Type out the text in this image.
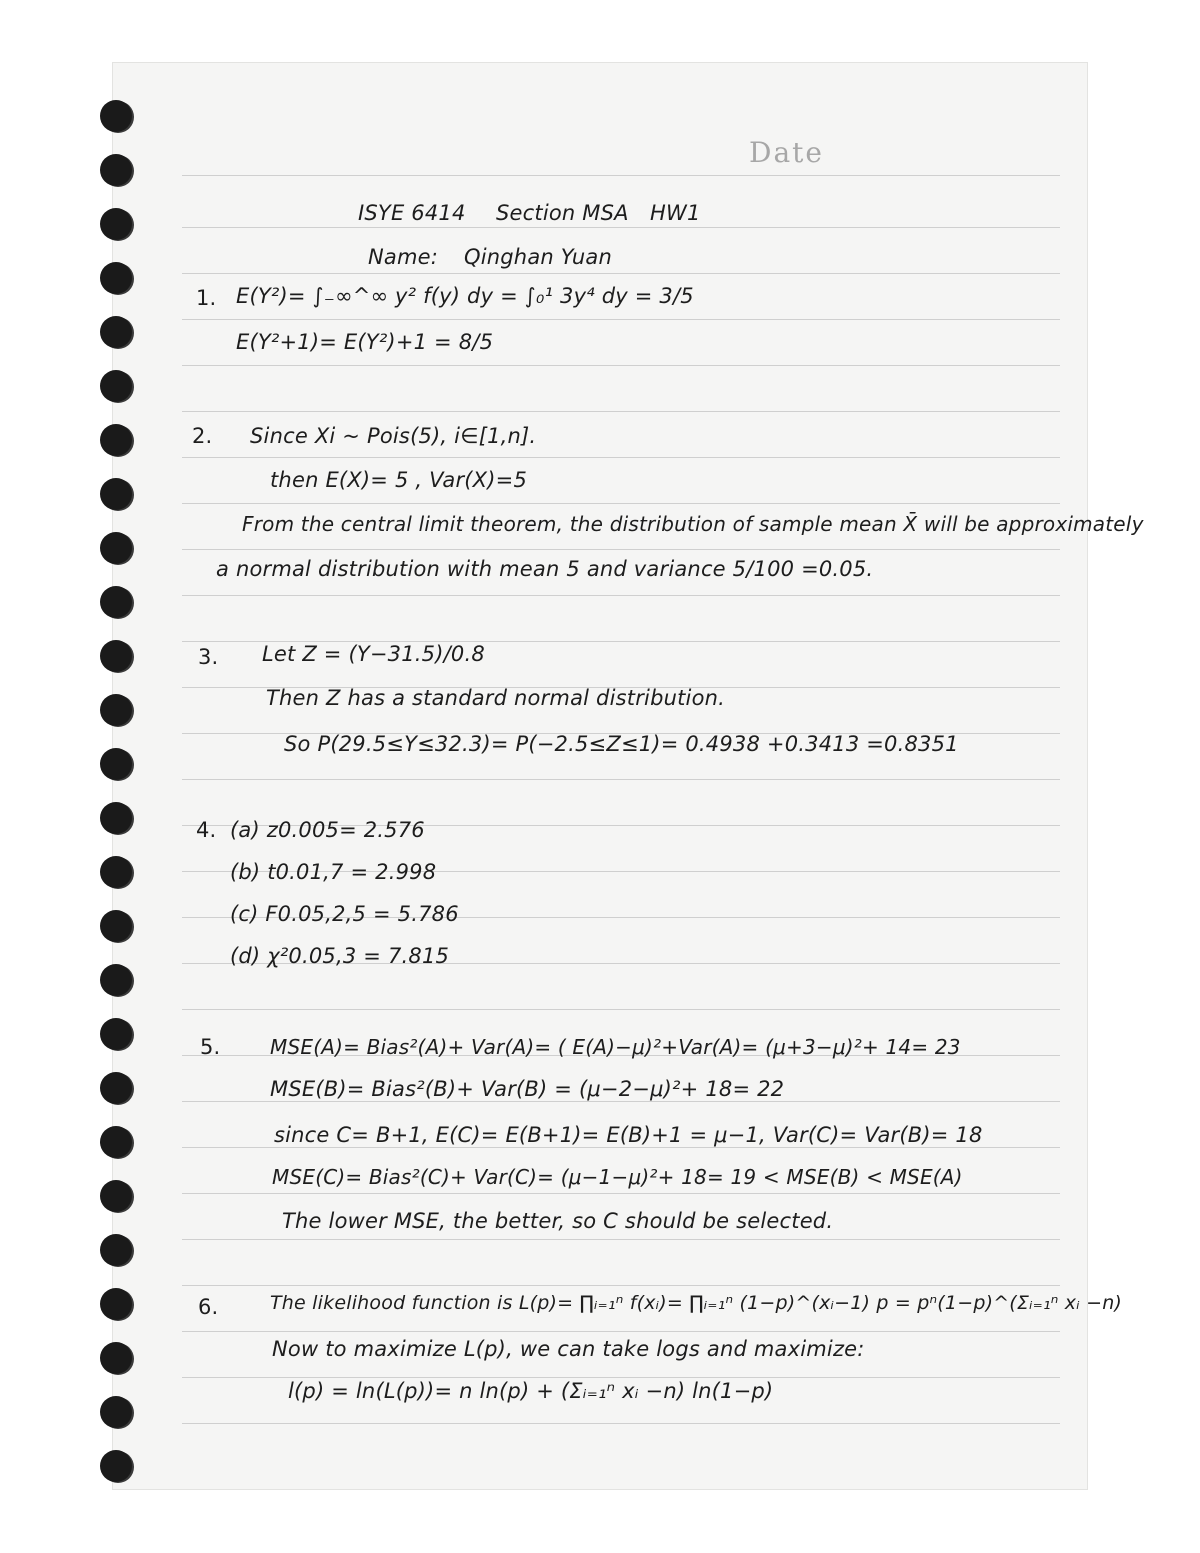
Date
ISYE 6414 Section MSA HW1
Name: Qinghan Yuan
1. E(Y²)= ∫₋∞^∞ y² f(y) dy = ∫₀¹ 3y⁴ dy = 3/5
E(Y²+1)= E(Y²)+1 = 8/5
2. Since Xi ~ Pois(5), i∈[1,n].
then E(X)= 5 , Var(X)=5
From the central limit theorem, the distribution of sample mean X̄ will be approximately
a normal distribution with mean 5 and variance 5/100 =0.05.
3. Let Z = (Y−31.5)/0.8
Then Z has a standard normal distribution.
So P(29.5≤Y≤32.3)= P(−2.5≤Z≤1)= 0.4938 +0.3413 =0.8351
4. (a) z0.005= 2.576
(b) t0.01,7 = 2.998
(c) F0.05,2,5 = 5.786
(d) χ²0.05,3 = 7.815
5. MSE(A)= Bias²(A)+ Var(A)= ( E(A)−μ)²+Var(A)= (μ+3−μ)²+ 14= 23
MSE(B)= Bias²(B)+ Var(B) = (μ−2−μ)²+ 18= 22
since C= B+1, E(C)= E(B+1)= E(B)+1 = μ−1, Var(C)= Var(B)= 18
MSE(C)= Bias²(C)+ Var(C)= (μ−1−μ)²+ 18= 19 < MSE(B) < MSE(A)
The lower MSE, the better, so C should be selected.
6.	The likelihood function is L(p)= ∏ᵢ₌₁ⁿ f(xᵢ)= ∏ᵢ₌₁ⁿ (1−p)^(xᵢ−1) p = pⁿ(1−p)^(Σᵢ₌₁ⁿ xᵢ −n)
Now to maximize L(p), we can take logs and maximize:
l(p) = ln(L(p))= n ln(p) + (Σᵢ₌₁ⁿ xᵢ −n) ln(1−p)
